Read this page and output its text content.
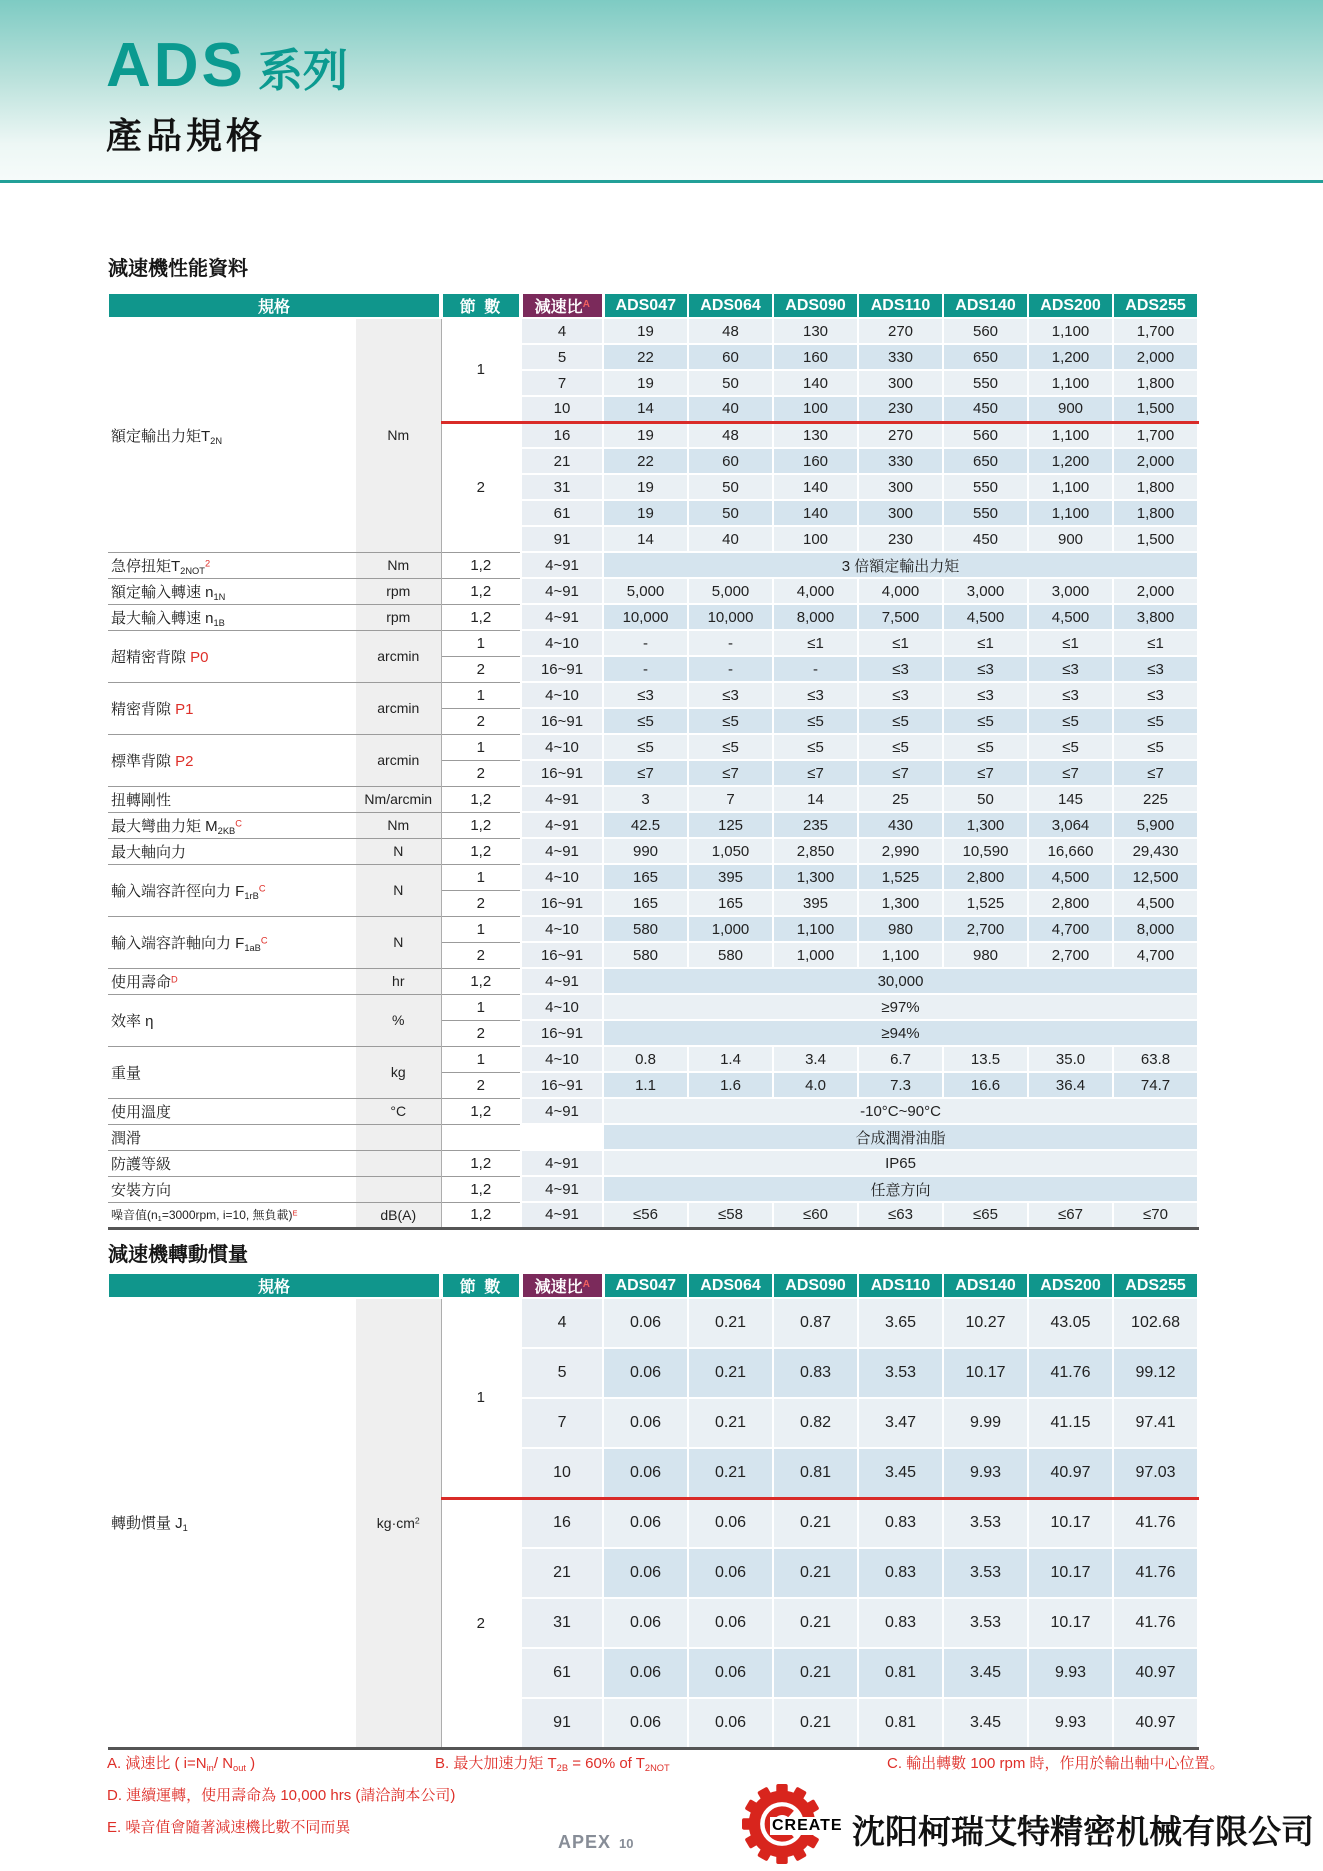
ADS 系列
產品規格
減速機性能資料
規格		節 數	減速比$^A$	ADS047	ADS064	ADS090	ADS110	ADS140	ADS200	ADS255
額定輸出力矩$T_{2N}$	Nm	1	4	19	48	130	270	560	1,100	1,700
			5	22	60	160	330	650	1,200	2,000
			7	19	50	140	300	550	1,100	1,800
			10	14	40	100	230	450	900	1,500
		2	16	19	48	130	270	560	1,100	1,700
			21	22	60	160	330	650	1,200	2,000
			31	19	50	140	300	550	1,100	1,800
			61	19	50	140	300	550	1,100	1,800
			91	14	40	100	230	450	900	1,500
急停扭矩$T_{2NOT}^2$	Nm	1,2	4~91	3 倍額定輸出力矩						
額定輸入轉速 $n_{1N}$	rpm	1,2	4~91	5,000	5,000	4,000	4,000	3,000	3,000	2,000
最大輸入轉速 $n_{1B}$	rpm	1,2	4~91	10,000	10,000	8,000	7,500	4,500	4,500	3,800
超精密背隙 P0	arcmin	1	4~10	-	-	≤1	≤1	≤1	≤1	≤1
		2	16~91	-	-	-	≤3	≤3	≤3	≤3
精密背隙 P1	arcmin	1	4~10	≤3	≤3	≤3	≤3	≤3	≤3	≤3
		2	16~91	≤5	≤5	≤5	≤5	≤5	≤5	≤5
標準背隙 P2	arcmin	1	4~10	≤5	≤5	≤5	≤5	≤5	≤5	≤5
		2	16~91	≤7	≤7	≤7	≤7	≤7	≤7	≤7
扭轉剛性	Nm/arcmin	1,2	4~91	3	7	14	25	50	145	225
最大彎曲力矩 $M_{2KB}^C$	Nm	1,2	4~91	42.5	125	235	430	1,300	3,064	5,900
最大軸向力	N	1,2	4~91	990	1,050	2,850	2,990	10,590	16,660	29,430
輸入端容許徑向力 $F_{1rB}^C$	N	1	4~10	165	395	1,300	1,525	2,800	4,500	12,500
		2	16~91	165	165	395	1,300	1,525	2,800	4,500
輸入端容許軸向力 $F_{1aB}^C$	N	1	4~10	580	1,000	1,100	980	2,700	4,700	8,000
		2	16~91	580	580	1,000	1,100	980	2,700	4,700
使用壽命$^D$	hr	1,2	4~91	30,000						
效率 η	%	1	4~10	≥97%						
		2	16~91	≥94%						
重量	kg	1	4~10	0.8	1.4	3.4	6.7	13.5	35.0	63.8
		2	16~91	1.1	1.6	4.0	7.3	16.6	36.4	74.7
使用溫度	°C	1,2	4~91	-10°C~90°C						
潤滑				合成潤滑油脂						
防護等級		1,2	4~91	IP65						
安裝方向		1,2	4~91	任意方向						
噪音值($n_1=3000rpm$, i=10, 無負載)$^E$	dB(A)	1,2	4~91	≤56	≤58	≤60	≤63	≤65	≤67	≤70
減速機轉動慣量
規格		節 數	減速比$^A$	ADS047	ADS064	ADS090	ADS110	ADS140	ADS200	ADS255
轉動慣量 $J_1$	$kg\cdot cm^2$	1	4	0.06	0.21	0.87	3.65	10.27	43.05	102.68
			5	0.06	0.21	0.83	3.53	10.17	41.76	99.12
			7	0.06	0.21	0.82	3.47	9.99	41.15	97.41
			10	0.06	0.21	0.81	3.45	9.93	40.97	97.03
		2	16	0.06	0.06	0.21	0.83	3.53	10.17	41.76
			21	0.06	0.06	0.21	0.83	3.53	10.17	41.76
			31	0.06	0.06	0.21	0.83	3.53	10.17	41.76
			61	0.06	0.06	0.21	0.81	3.45	9.93	40.97
			91	0.06	0.06	0.21	0.81	3.45	9.93	40.97
A. 減速比 ( $i=N_{in}/$ $N_{out}$ )	B. 最大加速力矩 $T_{2B} = 60\%$ of $T_{2NOT}$	C. 輸出轉數 100 rpm 時，作用於輸出軸中心位置。
D. 連續運轉，使用壽命為 10,000 hrs (請洽詢本公司)
E. 噪音值會隨著減速機比數不同而異
APEX 10
CREATE 沈阳柯瑞艾特精密机械有限公司
